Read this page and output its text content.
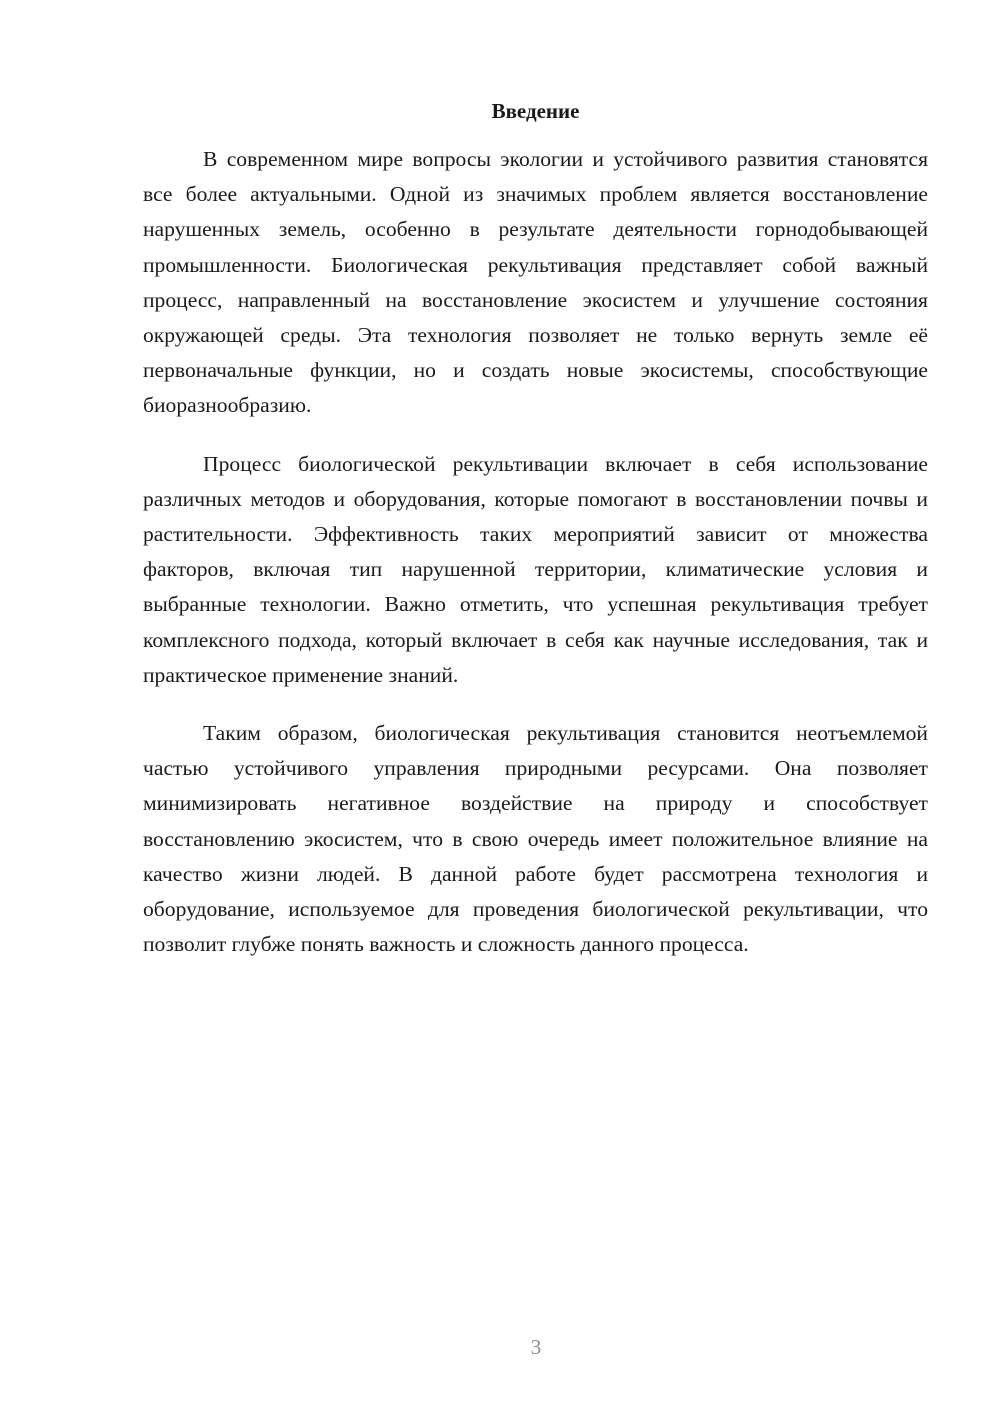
Введение

В современном мире вопросы экологии и устойчивого развития становятся все более актуальными. Одной из значимых проблем является восстановление нарушенных земель, особенно в результате деятельности горнодобывающей промышленности. Биологическая рекультивация представляет собой важный процесс, направленный на восстановление экосистем и улучшение состояния окружающей среды. Эта технология позволяет не только вернуть земле её первоначальные функции, но и создать новые экосистемы, способствующие биоразнообразию.

Процесс биологической рекультивации включает в себя использование различных методов и оборудования, которые помогают в восстановлении почвы и растительности. Эффективность таких мероприятий зависит от множества факторов, включая тип нарушенной территории, климатические условия и выбранные технологии. Важно отметить, что успешная рекультивация требует комплексного подхода, который включает в себя как научные исследования, так и практическое применение знаний.

Таким образом, биологическая рекультивация становится неотъемлемой частью устойчивого управления природными ресурсами. Она позволяет минимизировать негативное воздействие на природу и способствует восстановлению экосистем, что в свою очередь имеет положительное влияние на качество жизни людей. В данной работе будет рассмотрена технология и оборудование, используемое для проведения биологической рекультивации, что позволит глубже понять важность и сложность данного процесса.

3
